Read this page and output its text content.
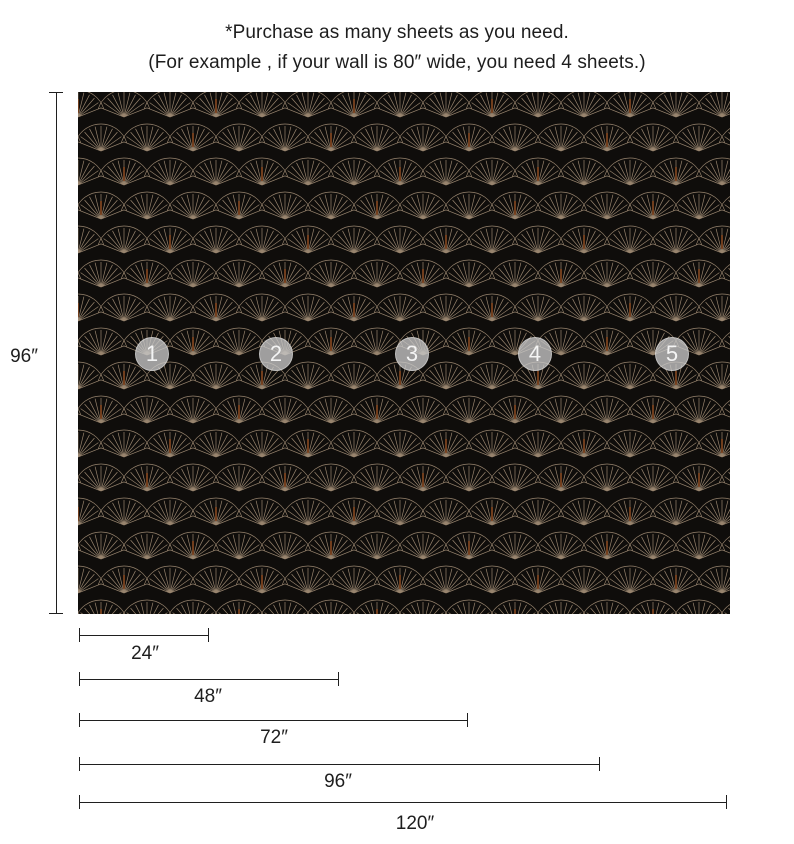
*Purchase as many sheets as you need.
(For example , if your wall is 80″ wide, you need 4 sheets.)
96″	1	2	3	4	5
24″
48″
72″
96″
120″
